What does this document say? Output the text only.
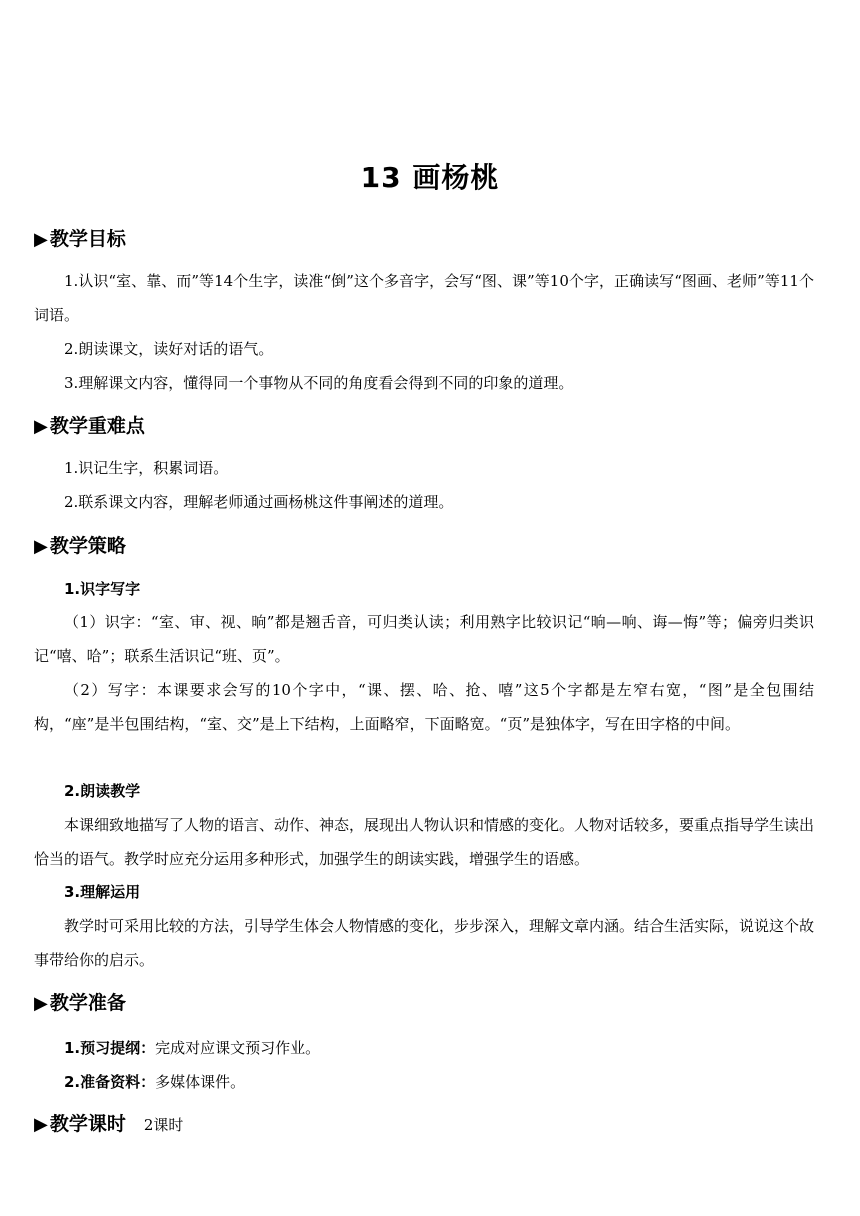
13 画杨桃
▶ 教学目标
1.认识“室、靠、而”等14个生字，读准“倒”这个多音字，会写“图、课”等10个字，正确读写“图画、老师”等11个词语。
2.朗读课文，读好对话的语气。
3.理解课文内容，懂得同一个事物从不同的角度看会得到不同的印象的道理。
▶ 教学重难点
1.识记生字，积累词语。
2.联系课文内容，理解老师通过画杨桃这件事阐述的道理。
▶ 教学策略
1.识字写字
（1）识字：“室、审、视、晌”都是翘舌音，可归类认读；利用熟字比较识记“晌—响、诲—悔”等；偏旁归类识记“嘻、哈”；联系生活识记“班、页”。
（2）写字：本课要求会写的10个字中，“课、摆、哈、抢、嘻”这5个字都是左窄右宽，“图”是全包围结构，“座”是半包围结构，“室、交”是上下结构，上面略窄，下面略宽。“页”是独体字，写在田字格的中间。
2.朗读教学
本课细致地描写了人物的语言、动作、神态，展现出人物认识和情感的变化。人物对话较多，要重点指导学生读出恰当的语气。教学时应充分运用多种形式，加强学生的朗读实践，增强学生的语感。
3.理解运用
教学时可采用比较的方法，引导学生体会人物情感的变化，步步深入，理解文章内涵。结合生活实际，说说这个故事带给你的启示。
▶ 教学准备
1.预习提纲：完成对应课文预习作业。
2.准备资料：多媒体课件。
▶ 教学课时 2课时
